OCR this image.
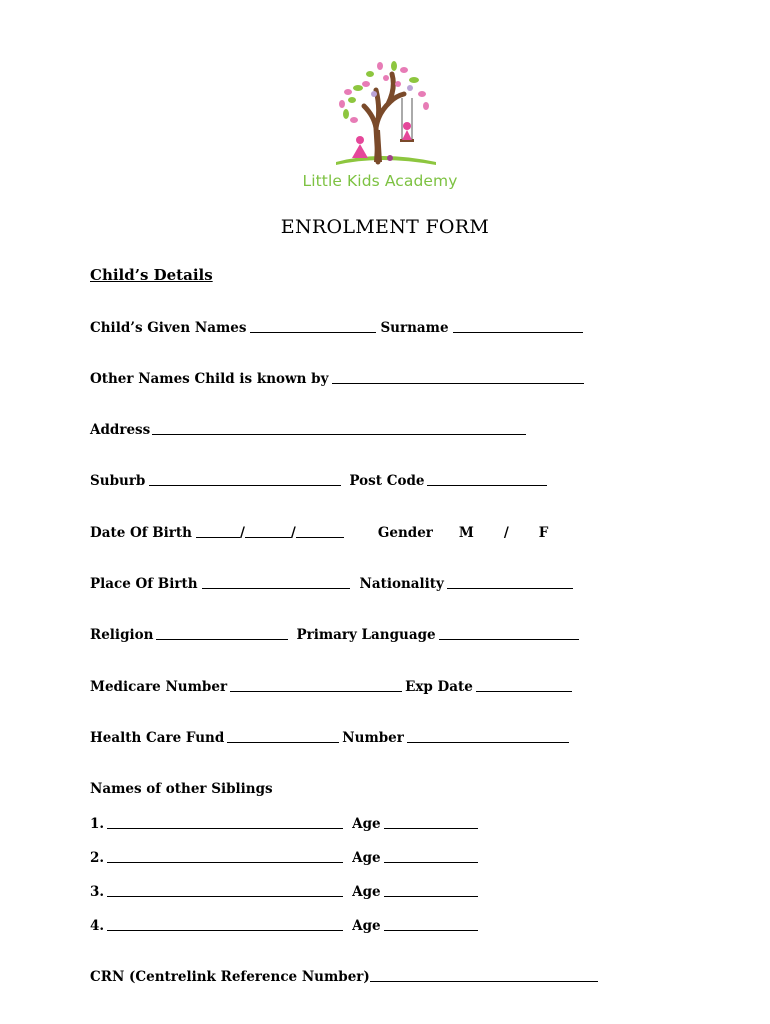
Little Kids Academy
ENROLMENT FORM
Child’s Details
Child’s Given Names	Surname
Other Names Child is known by
Address
Suburb	Post Code
Date Of Birth	/	/	Gender M / F
Place Of Birth	Nationality
Religion	Primary Language
Medicare Number	Exp Date
Health Care Fund	Number
Names of other Siblings
1.	Age
2.	Age
3.	Age
4.	Age
CRN (Centrelink Reference Number)
